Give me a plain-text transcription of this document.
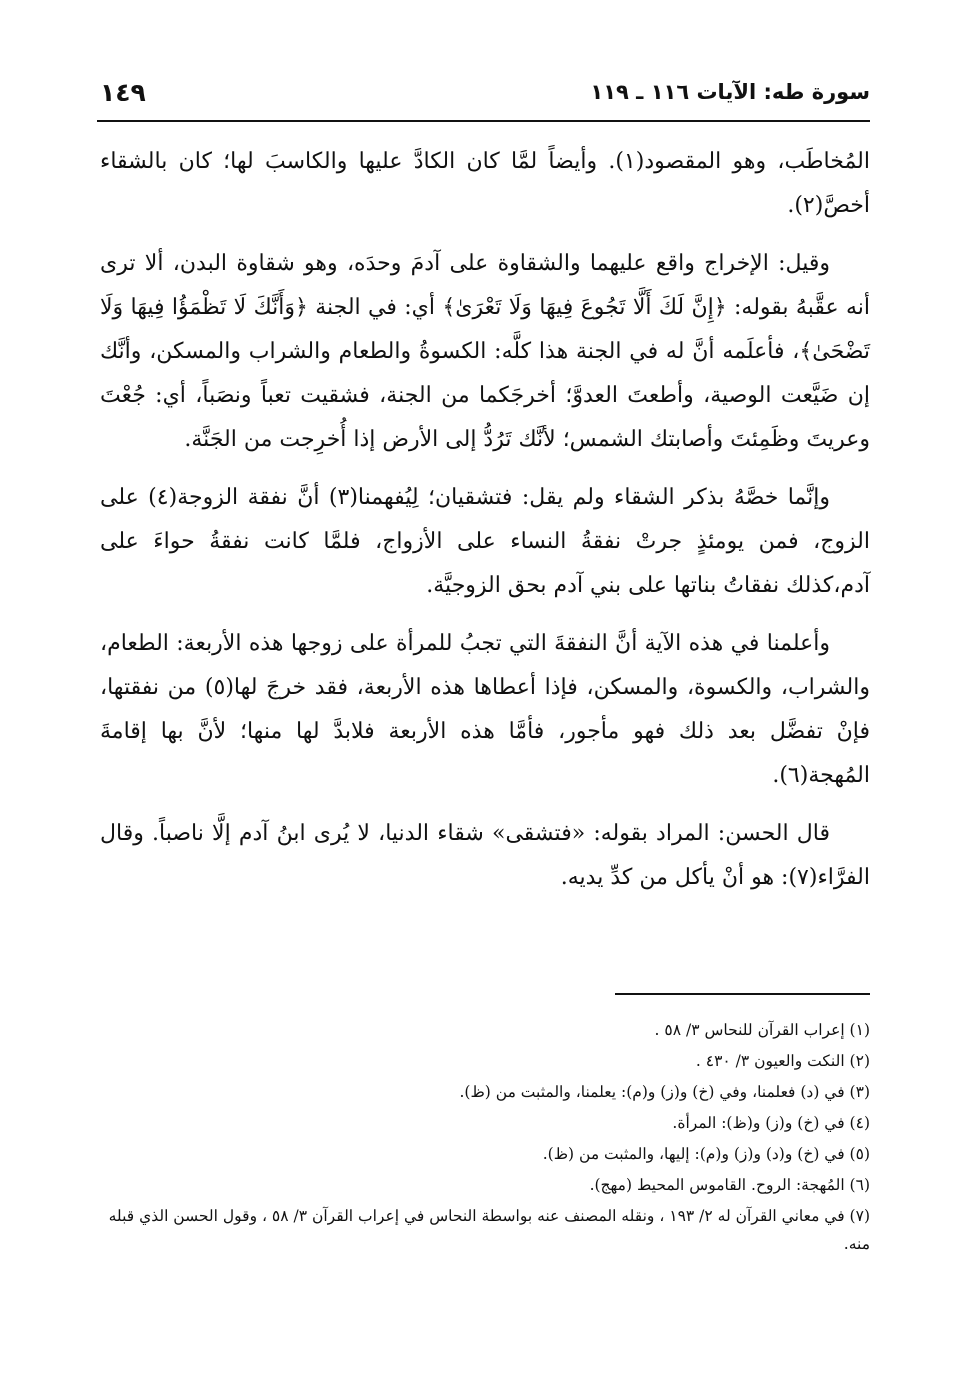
سورة طه: الآيات ١١٦ ـ ١١٩
١٤٩

المُخاطَب، وهو المقصود(١). وأيضاً لمَّا كان الكادَّ عليها والكاسبَ لها؛ كان بالشقاء أخصَّ(٢).

وقيل: الإخراج واقع عليهما والشقاوة على آدمَ وحدَه، وهو شقاوة البدن، ألا ترى أنه عقَّبهُ بقوله: ﴿إِنَّ لَكَ أَلَّا تَجُوعَ فِيهَا وَلَا تَعْرَىٰ﴾ أي: في الجنة ﴿وَأَنَّكَ لَا تَظْمَؤُا فِيهَا وَلَا تَضْحَىٰ﴾، فأعلَمه أنَّ له في الجنة هذا كلَّه: الكسوةُ والطعام والشراب والمسكن، وأنَّك إن ضَيَّعت الوصية، وأطعتَ العدوَّ؛ أخرجَكما من الجنة، فشقيت تعباً ونصَباً، أي: جُعْتَ وعريتَ وظَمِئتَ وأصابتك الشمس؛ لأنَّك تَرُدُّ إلى الأرض إذا أُخرِجت من الجَنَّة.

وإنَّما خصَّهُ بذكر الشقاء ولم يقل: فتشقيان؛ لِيُفهمنا(٣) أنَّ نفقة الزوجة(٤) على الزوج، فمن يومئذٍ جرتْ نفقةُ النساء على الأزواج، فلمَّا كانت نفقةُ حواءَ على آدم،كذلك نفقاتُ بناتها على بني آدم بحق الزوجيَّة.

وأعلمنا في هذه الآية أنَّ النفقةَ التي تجبُ للمرأة على زوجها هذه الأربعة: الطعام، والشراب، والكسوة، والمسكن، فإذا أعطاها هذه الأربعة، فقد خرجَ لها(٥) من نفقتها، فإنْ تفضَّل بعد ذلك فهو مأجور، فأمَّا هذه الأربعة فلابدَّ لها منها؛ لأنَّ بها إقامةَ المُهجة(٦).

قال الحسن: المراد بقوله: «فتشقى» شقاء الدنيا، لا يُرى ابنُ آدم إلَّا ناصباً. وقال الفرَّاء(٧): هو أنْ يأكل من كدِّ يديه.

(١) إعراب القرآن للنحاس ٣/ ٥٨ .
(٢) النكت والعيون ٣/ ٤٣٠ .
(٣) في (د) فعلمنا، وفي (خ) و(ز) و(م): يعلمنا، والمثبت من (ظ).
(٤) في (خ) و(ز) و(ظ): المرأة.
(٥) في (خ) و(د) و(ز) و(م): إليها، والمثبت من (ظ).
(٦) المُهجة: الروح. القاموس المحيط (مهج).
(٧) في معاني القرآن له ٢/ ١٩٣ ، ونقله المصنف عنه بواسطة النحاس في إعراب القرآن ٣/ ٥٨ ، وقول الحسن الذي قبله منه.
